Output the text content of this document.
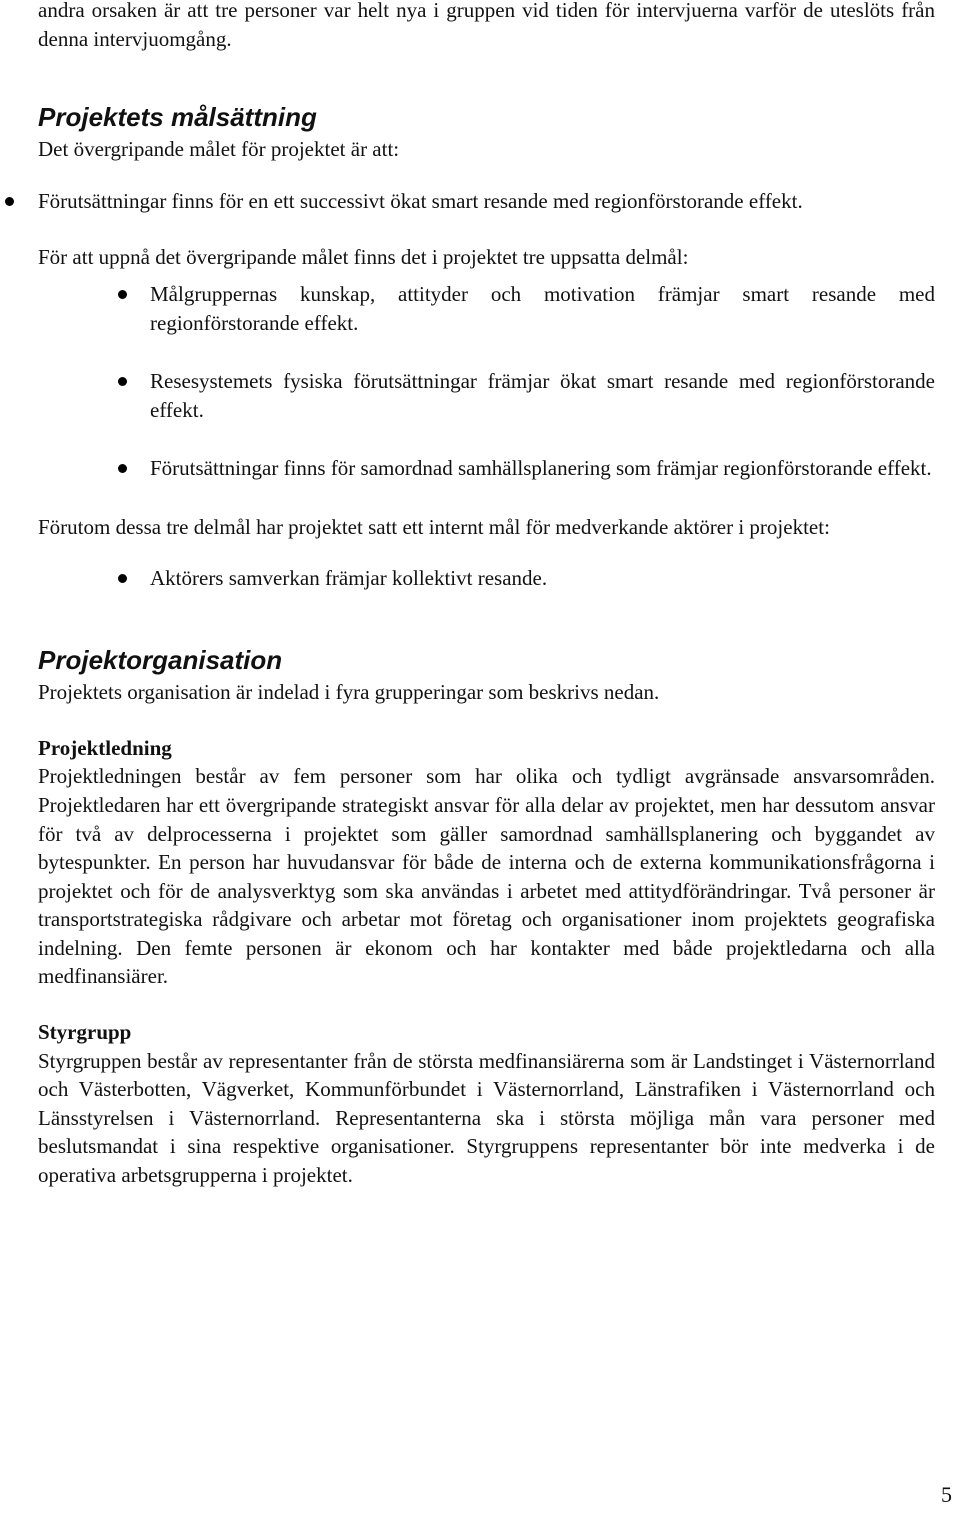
andra orsaken är att tre personer var helt nya i gruppen vid tiden för intervjuerna varför de uteslöts från denna intervjuomgång.

Projektets målsättning

Det övergripande målet för projektet är att:

Förutsättningar finns för en ett successivt ökat smart resande med regionförstorande effekt.

För att uppnå det övergripande målet finns det i projektet tre uppsatta delmål:

Målgruppernas kunskap, attityder och motivation främjar smart resande med regionförstorande effekt.
Resesystemets fysiska förutsättningar främjar ökat smart resande med regionförstorande effekt.
Förutsättningar finns för samordnad samhällsplanering som främjar regionförstorande effekt.

Förutom dessa tre delmål har projektet satt ett internt mål för medverkande aktörer i projektet:

Aktörers samverkan främjar kollektivt resande.
Projektorganisation

Projektets organisation är indelad i fyra grupperingar som beskrivs nedan.

Projektledning

Projektledningen består av fem personer som har olika och tydligt avgränsade ansvarsområden. Projektledaren har ett övergripande strategiskt ansvar för alla delar av projektet, men har dessutom ansvar för två av delprocesserna i projektet som gäller samordnad samhällsplanering och byggandet av bytespunkter. En person har huvudansvar för både de interna och de externa kommunikationsfrågorna i projektet och för de analysverktyg som ska användas i arbetet med attitydförändringar. Två personer är transportstrategiska rådgivare och arbetar mot företag och organisationer inom projektets geografiska indelning. Den femte personen är ekonom och har kontakter med både projektledarna och alla medfinansiärer.

Styrgrupp

Styrgruppen består av representanter från de största medfinansiärerna som är Landstinget i Västernorrland och Västerbotten, Vägverket, Kommunförbundet i Västernorrland, Länstrafiken i Västernorrland och Länsstyrelsen i Västernorrland. Representanterna ska i största möjliga mån vara personer med beslutsmandat i sina respektive organisationer. Styrgruppens representanter bör inte medverka i de operativa arbetsgrupperna i projektet.

5
